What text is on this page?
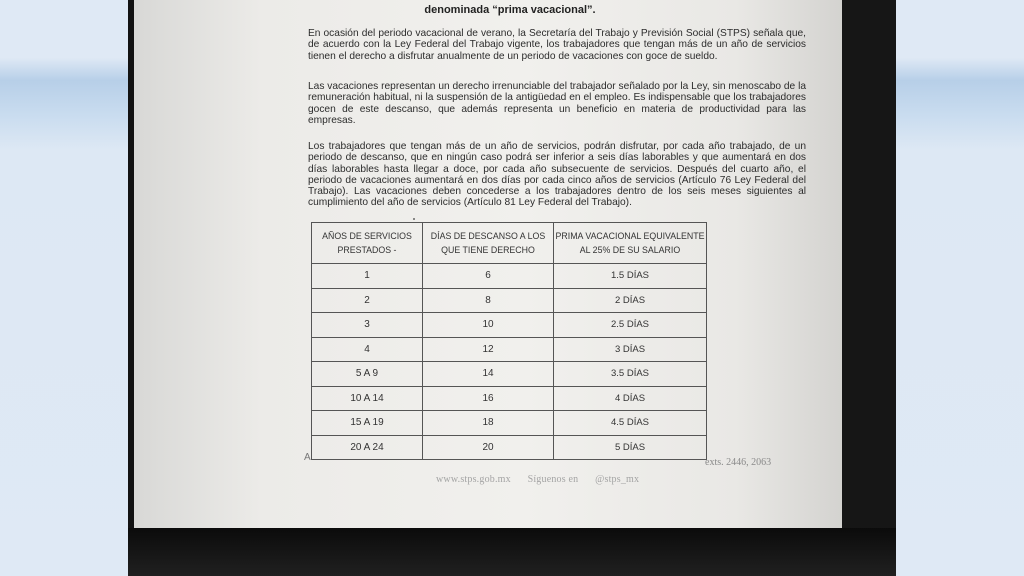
denominada “prima vacacional”.
En ocasión del periodo vacacional de verano, la Secretaría del Trabajo y Previsión Social (STPS) señala que, de acuerdo con la Ley Federal del Trabajo vigente, los trabajadores que tengan más de un año de servicios tienen el derecho a disfrutar anualmente de un periodo de vacaciones con goce de sueldo.
Las vacaciones representan un derecho irrenunciable del trabajador señalado por la Ley, sin menoscabo de la remuneración habitual, ni la suspensión de la antigüedad en el empleo. Es indispensable que los trabajadores gocen de este descanso, que además representa un beneficio en materia de productividad para las empresas.
Los trabajadores que tengan más de un año de servicios, podrán disfrutar, por cada año trabajado, de un periodo de descanso, que en ningún caso podrá ser inferior a seis días laborables y que aumentará en dos días laborables hasta llegar a doce, por cada año subsecuente de servicios. Después del cuarto año, el periodo de vacaciones aumentará en dos días por cada cinco años de servicios (Artículo 76 Ley Federal del Trabajo). Las vacaciones deben concederse a los trabajadores dentro de los seis meses siguientes al cumplimiento del año de servicios (Artículo 81 Ley Federal del Trabajo).
AÑOS DE SERVICIOS PRESTADOS -	DÍAS DE DESCANSO A LOS QUE TIENE DERECHO	PRIMA VACACIONAL EQUIVALENTE AL 25% DE SU SALARIO
1	6	1.5 DÍAS
2	8	2 DÍAS
3	10	2.5 DÍAS
4	12	3 DÍAS
5 A 9	14	3.5 DÍAS
10 A 14	16	4 DÍAS
15 A 19	18	4.5 DÍAS
20 A 24	20	5 DÍAS
A	exts. 2446, 2063
www.stps.gob.mx Síguenos en @stps_mx
